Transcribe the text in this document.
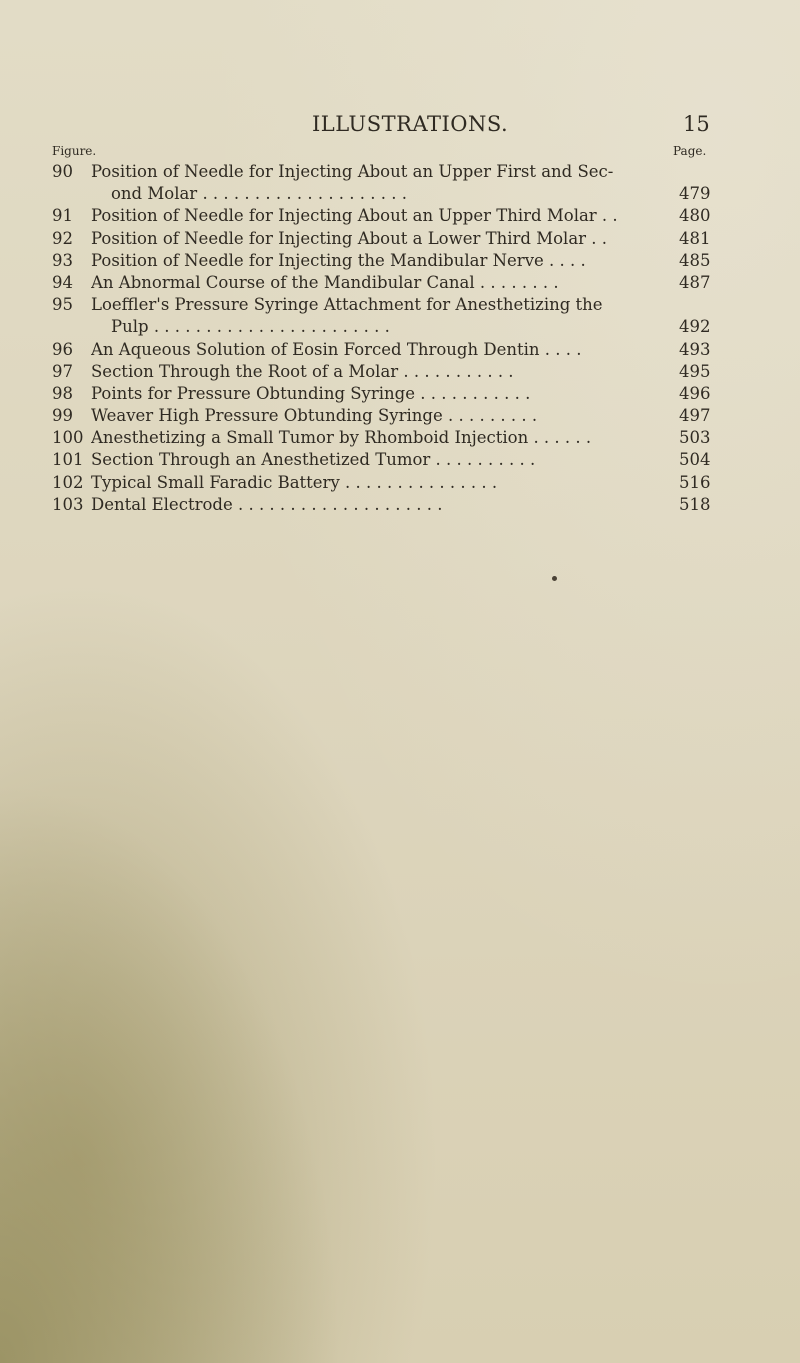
ILLUSTRATIONS.	15
Figure.	Page.
90	Position of Needle for Injecting About an Upper First and Sec-
ond Molar . . . . . . . . . . . . . . . . . . . .	479
91	Position of Needle for Injecting About an Upper Third Molar . .	480
92	Position of Needle for Injecting About a Lower Third Molar . .	481
93	Position of Needle for Injecting the Mandibular Nerve . . . .	485
94	An Abnormal Course of the Mandibular Canal . . . . . . . .	487
95	Loeffler's Pressure Syringe Attachment for Anesthetizing the
Pulp . . . . . . . . . . . . . . . . . . . . . . .	492
96	An Aqueous Solution of Eosin Forced Through Dentin . . . .	493
97	Section Through the Root of a Molar . . . . . . . . . . .	495
98	Points for Pressure Obtunding Syringe . . . . . . . . . . .	496
99	Weaver High Pressure Obtunding Syringe . . . . . . . . .	497
100 Anesthetizing a Small Tumor by Rhomboid Injection . . . . . .	503
101 Section Through an Anesthetized Tumor . . . . . . . . . .	504
102 Typical Small Faradic Battery . . . . . . . . . . . . . . .	516
103 Dental Electrode . . . . . . . . . . . . . . . . . . . .	518
